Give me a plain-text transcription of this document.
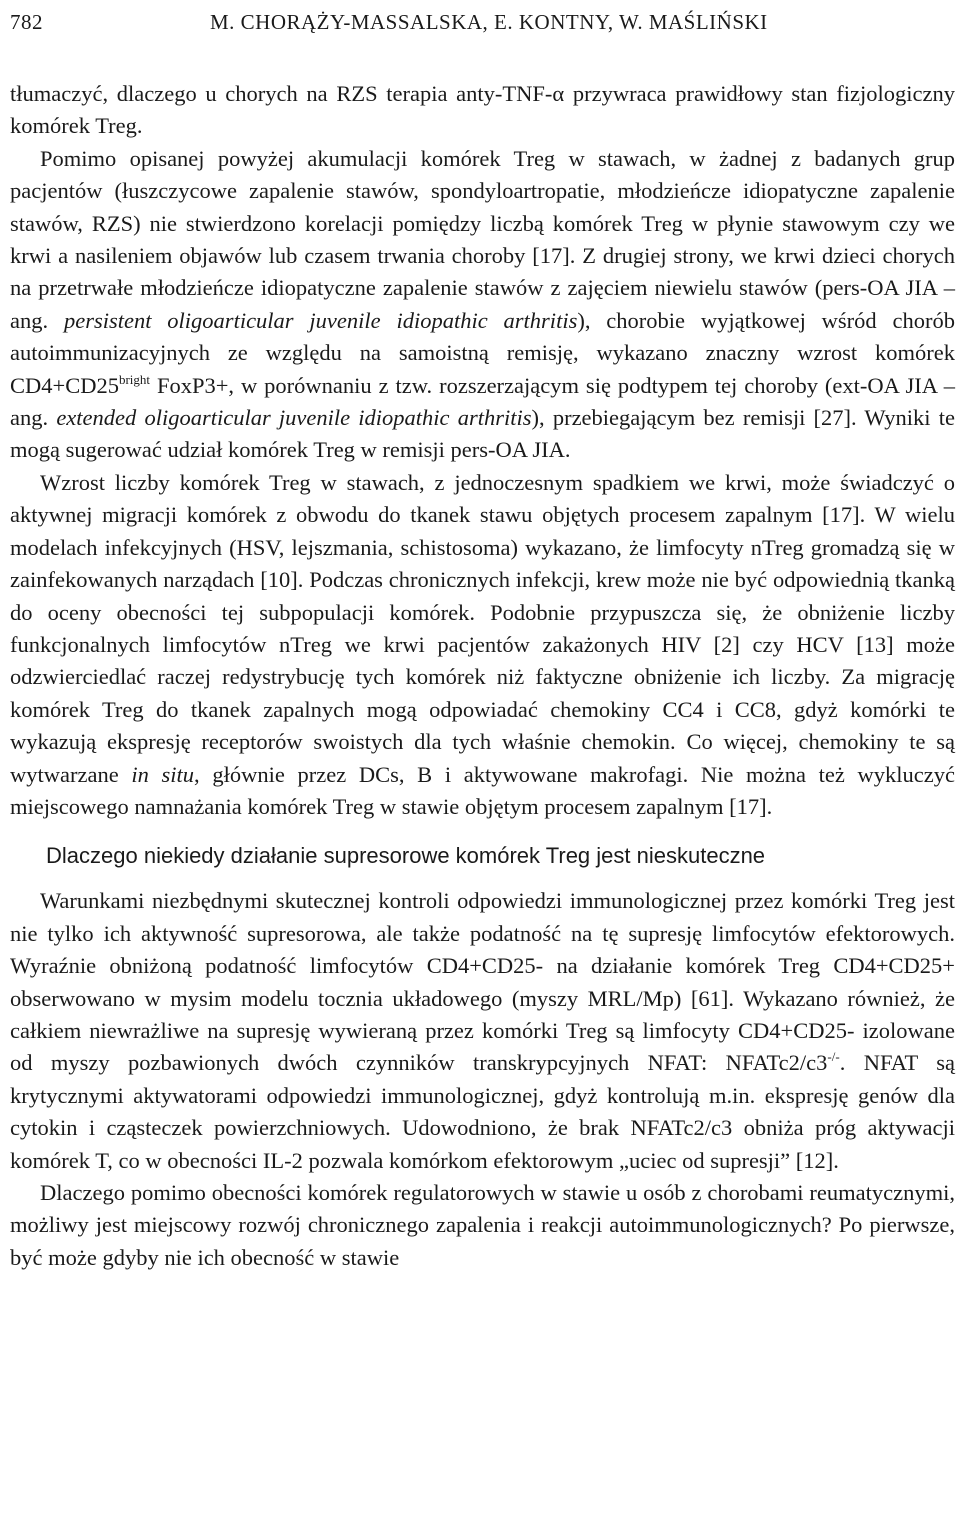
782	M. CHORĄŻY-MASSALSKA, E. KONTNY, W. MAŚLIŃSKI

tłumaczyć, dlaczego u chorych na RZS terapia anty-TNF-α przywraca prawidłowy stan fizjologiczny komórek Treg.

Pomimo opisanej powyżej akumulacji komórek Treg w stawach, w żadnej z badanych grup pacjentów (łuszczycowe zapalenie stawów, spondyloartropatie, młodzieńcze idiopatyczne zapalenie stawów, RZS) nie stwierdzono korelacji pomiędzy liczbą komórek Treg w płynie stawowym czy we krwi a nasileniem objawów lub czasem trwania choroby [17]. Z drugiej strony, we krwi dzieci chorych na przetrwałe młodzieńcze idiopatyczne zapalenie stawów z zajęciem niewielu stawów (pers-OA JIA – ang. persistent oligoarticular juvenile idiopathic arthritis), chorobie wyjątkowej wśród chorób autoimmunizacyjnych ze względu na samoistną remisję, wykazano znaczny wzrost komórek $CD4+CD25^{bright}$ FoxP3+, w porównaniu z tzw. rozszerzającym się podtypem tej choroby (ext-OA JIA – ang. extended oligoarticular juvenile idiopathic arthritis), przebiegającym bez remisji [27]. Wyniki te mogą sugerować udział komórek Treg w remisji pers-OA JIA.

Wzrost liczby komórek Treg w stawach, z jednoczesnym spadkiem we krwi, może świadczyć o aktywnej migracji komórek z obwodu do tkanek stawu objętych procesem zapalnym [17]. W wielu modelach infekcyjnych (HSV, lejszmania, schistosoma) wykazano, że limfocyty nTreg gromadzą się w zainfekowanych narządach [10]. Podczas chronicznych infekcji, krew może nie być odpowiednią tkanką do oceny obecności tej subpopulacji komórek. Podobnie przypuszcza się, że obniżenie liczby funkcjonalnych limfocytów nTreg we krwi pacjentów zakażonych HIV [2] czy HCV [13] może odzwierciedlać raczej redystrybucję tych komórek niż faktyczne obniżenie ich liczby. Za migrację komórek Treg do tkanek zapalnych mogą odpowiadać chemokiny CC4 i CC8, gdyż komórki te wykazują ekspresję receptorów swoistych dla tych właśnie chemokin. Co więcej, chemokiny te są wytwarzane in situ, głównie przez DCs, B i aktywowane makrofagi. Nie można też wykluczyć miejscowego namnażania komórek Treg w stawie objętym procesem zapalnym [17].

Dlaczego niekiedy działanie supresorowe komórek Treg jest nieskuteczne

Warunkami niezbędnymi skutecznej kontroli odpowiedzi immunologicznej przez komórki Treg jest nie tylko ich aktywność supresorowa, ale także podatność na tę supresję limfocytów efektorowych. Wyraźnie obniżoną podatność limfocytów CD4+CD25- na działanie komórek Treg CD4+CD25+ obserwowano w mysim modelu tocznia układowego (myszy MRL/Mp) [61]. Wykazano również, że całkiem niewrażliwe na supresję wywieraną przez komórki Treg są limfocyty CD4+CD25- izolowane od myszy pozbawionych dwóch czynników transkrypcyjnych NFAT: NFATc2/c3-/-. NFAT są krytycznymi aktywatorami odpowiedzi immunologicznej, gdyż kontrolują m.in. ekspresję genów dla cytokin i cząsteczek powierzchniowych. Udowodniono, że brak NFATc2/c3 obniża próg aktywacji komórek T, co w obecności IL-2 pozwala komórkom efektorowym „uciec od supresji” [12].

Dlaczego pomimo obecności komórek regulatorowych w stawie u osób z chorobami reumatycznymi, możliwy jest miejscowy rozwój chronicznego zapalenia i reakcji autoimmunologicznych? Po pierwsze, być może gdyby nie ich obecność w stawie
